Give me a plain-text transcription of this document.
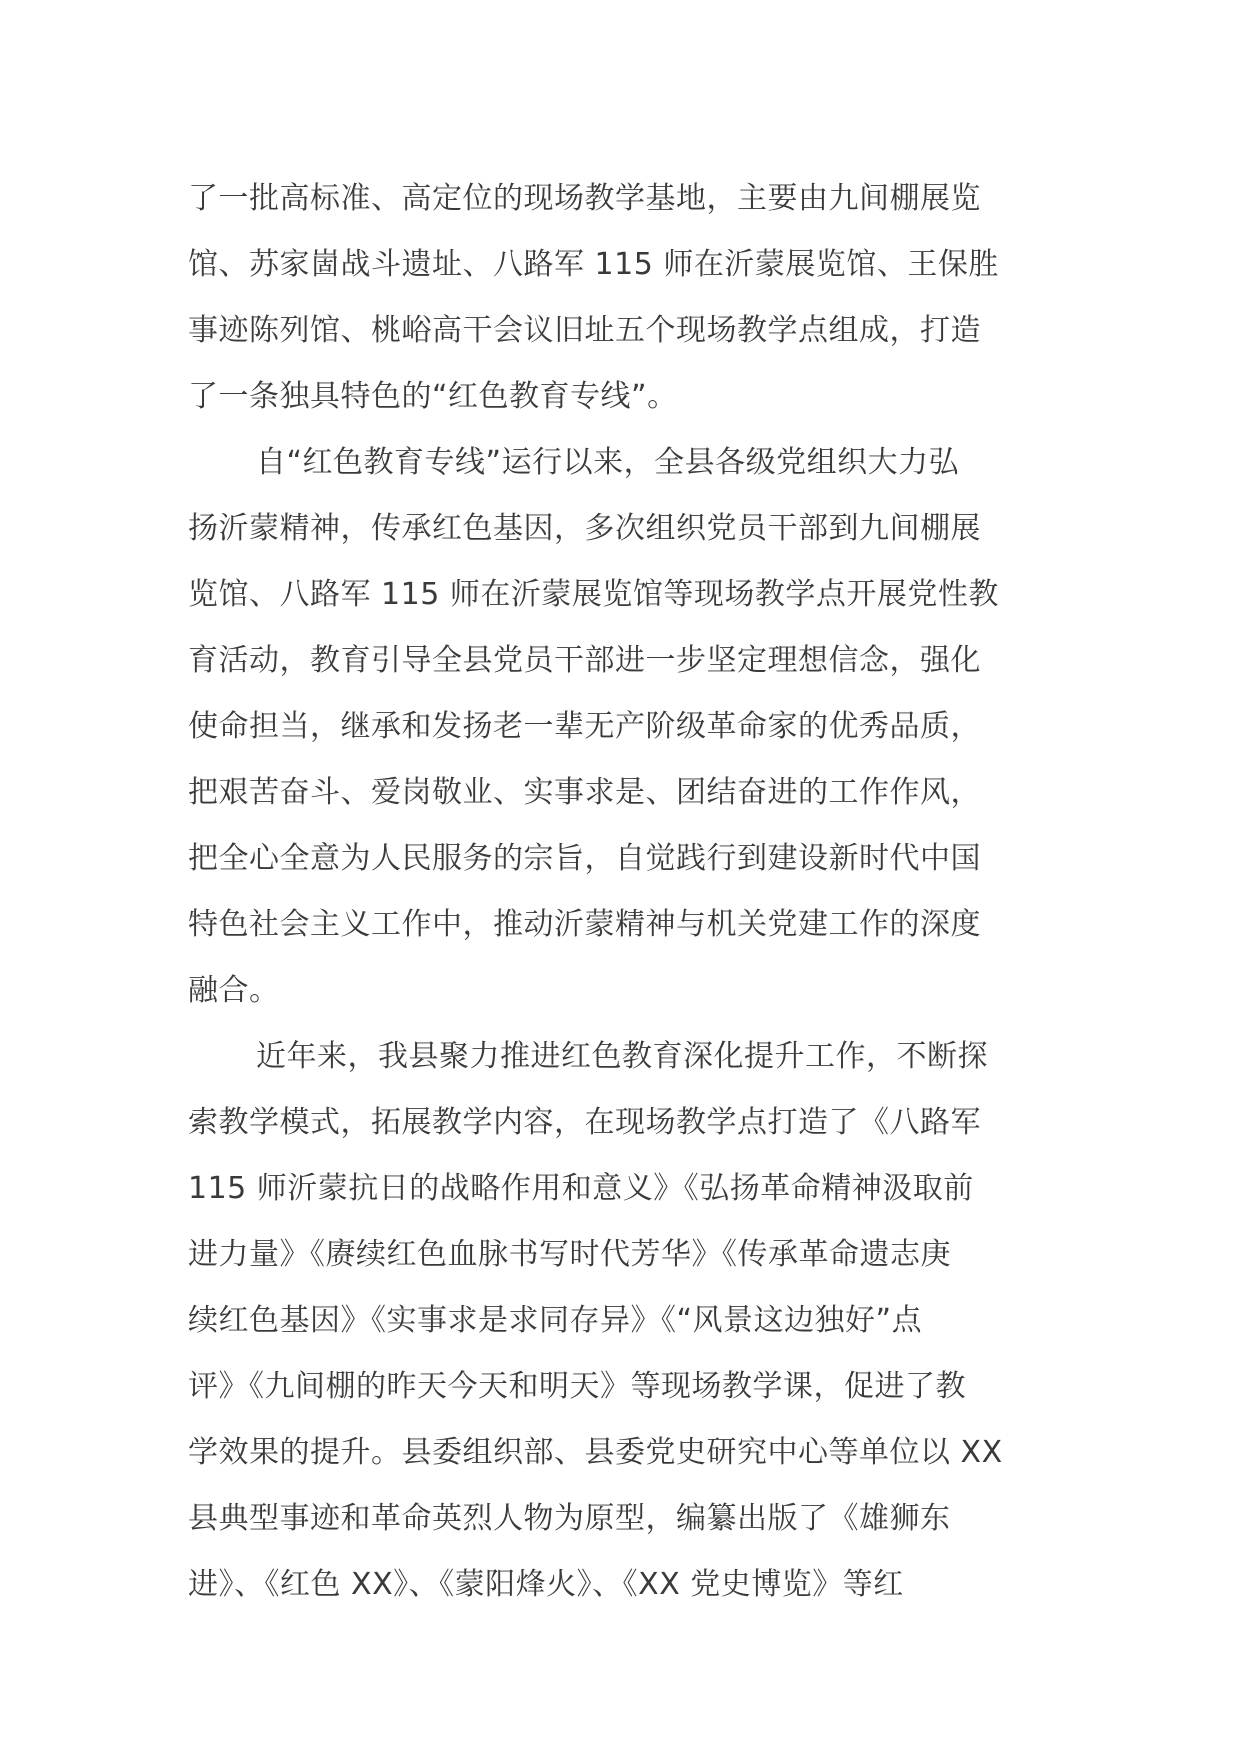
了一批高标准、高定位的现场教学基地，主要由九间棚展览
馆、苏家崮战斗遗址、八路军 115 师在沂蒙展览馆、王保胜
事迹陈列馆、桃峪高干会议旧址五个现场教学点组成，打造
了一条独具特色的“红色教育专线”。
自“红色教育专线”运行以来，全县各级党组织大力弘
扬沂蒙精神，传承红色基因，多次组织党员干部到九间棚展
览馆、八路军 115 师在沂蒙展览馆等现场教学点开展党性教
育活动，教育引导全县党员干部进一步坚定理想信念，强化
使命担当，继承和发扬老一辈无产阶级革命家的优秀品质，
把艰苦奋斗、爱岗敬业、实事求是、团结奋进的工作作风，
把全心全意为人民服务的宗旨，自觉践行到建设新时代中国
特色社会主义工作中，推动沂蒙精神与机关党建工作的深度
融合。
近年来，我县聚力推进红色教育深化提升工作，不断探
索教学模式，拓展教学内容，在现场教学点打造了《八路军
115 师沂蒙抗日的战略作用和意义》《弘扬革命精神汲取前
进力量》《赓续红色血脉书写时代芳华》《传承革命遗志庚
续红色基因》《实事求是求同存异》《“风景这边独好”点
评》《九间棚的昨天今天和明天》等现场教学课，促进了教
学效果的提升。县委组织部、县委党史研究中心等单位以 XX
县典型事迹和革命英烈人物为原型，编纂出版了《雄狮东
进》、《红色 XX》、《蒙阳烽火》、《XX 党史博览》等红
